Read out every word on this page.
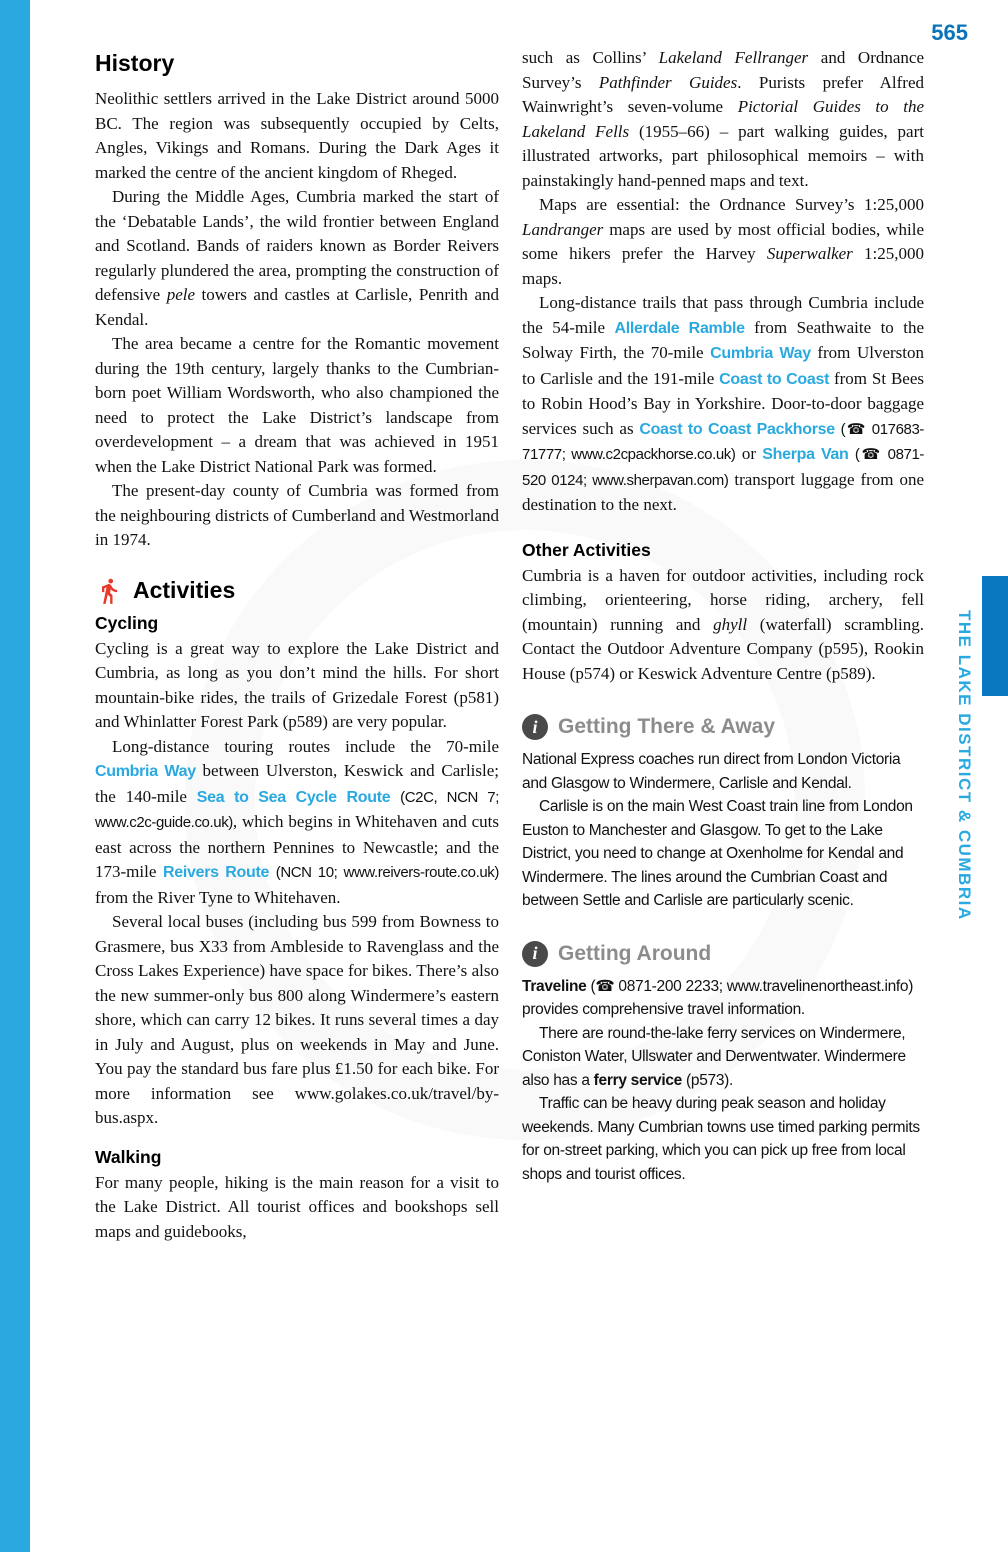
565
THE LAKE DISTRICT & CUMBRIA
History

Neolithic settlers arrived in the Lake District around 5000 BC. The region was subsequently occupied by Celts, Angles, Vikings and Romans. During the Dark Ages it marked the centre of the ancient kingdom of Rheged.

During the Middle Ages, Cumbria marked the start of the ‘Debatable Lands’, the wild frontier between England and Scotland. Bands of raiders known as Border Reivers regularly plundered the area, prompting the construction of defensive pele towers and castles at Carlisle, Penrith and Kendal.

The area became a centre for the Romantic movement during the 19th century, largely thanks to the Cumbrian-born poet William Wordsworth, who also championed the need to protect the Lake District’s landscape from overdevelopment – a dream that was achieved in 1951 when the Lake District National Park was formed.

The present-day county of Cumbria was formed from the neighbouring districts of Cumberland and Westmorland in 1974.

Activities
Cycling

Cycling is a great way to explore the Lake District and Cumbria, as long as you don’t mind the hills. For short mountain-bike rides, the trails of Grizedale Forest (p581) and Whinlatter Forest Park (p589) are very popular.

Long-distance touring routes include the 70-mile Cumbria Way between Ulverston, Keswick and Carlisle; the 140-mile Sea to Sea Cycle Route (C2C, NCN 7; www.c2c-guide.co.uk), which begins in Whitehaven and cuts east across the northern Pennines to Newcastle; and the 173-mile Reivers Route (NCN 10; www.reivers-route.co.uk) from the River Tyne to Whitehaven.

Several local buses (including bus 599 from Bowness to Grasmere, bus X33 from Ambleside to Ravenglass and the Cross Lakes Experience) have space for bikes. There’s also the new summer-only bus 800 along Windermere’s eastern shore, which can carry 12 bikes. It runs several times a day in July and August, plus on weekends in May and June. You pay the standard bus fare plus £1.50 for each bike. For more information see www.golakes.co.uk/travel/by-bus.aspx.

Walking

For many people, hiking is the main reason for a visit to the Lake District. All tourist offices and bookshops sell maps and guidebooks,

such as Collins’ Lakeland Fellranger and Ordnance Survey’s Pathfinder Guides. Purists prefer Alfred Wainwright’s seven-volume Pictorial Guides to the Lakeland Fells (1955–66) – part walking guides, part illustrated artworks, part philosophical memoirs – with painstakingly hand-penned maps and text.

Maps are essential: the Ordnance Survey’s 1:25,000 Landranger maps are used by most official bodies, while some hikers prefer the Harvey Superwalker 1:25,000 maps.

Long-distance trails that pass through Cumbria include the 54-mile Allerdale Ramble from Seathwaite to the Solway Firth, the 70-mile Cumbria Way from Ulverston to Carlisle and the 191-mile Coast to Coast from St Bees to Robin Hood’s Bay in Yorkshire. Door-to-door baggage services such as Coast to Coast Packhorse (☎ 017683-71777; www.c2cpackhorse.co.uk) or Sherpa Van (☎ 0871-520 0124; www.sherpavan.com) transport luggage from one destination to the next.

Other Activities

Cumbria is a haven for outdoor activities, including rock climbing, orienteering, horse riding, archery, fell (mountain) running and ghyll (waterfall) scrambling. Contact the Outdoor Adventure Company (p595), Rookin House (p574) or Keswick Adventure Centre (p589).

i Getting There & Away

National Express coaches run direct from London Victoria and Glasgow to Windermere, Carlisle and Kendal.

Carlisle is on the main West Coast train line from London Euston to Manchester and Glasgow. To get to the Lake District, you need to change at Oxenholme for Kendal and Windermere. The lines around the Cumbrian Coast and between Settle and Carlisle are particularly scenic.

i Getting Around

Traveline (☎ 0871-200 2233; www.travelinenortheast.info) provides comprehensive travel information.

There are round-the-lake ferry services on Windermere, Coniston Water, Ullswater and Derwentwater. Windermere also has a ferry service (p573).

Traffic can be heavy during peak season and holiday weekends. Many Cumbrian towns use timed parking permits for on-street parking, which you can pick up free from local shops and tourist offices.
